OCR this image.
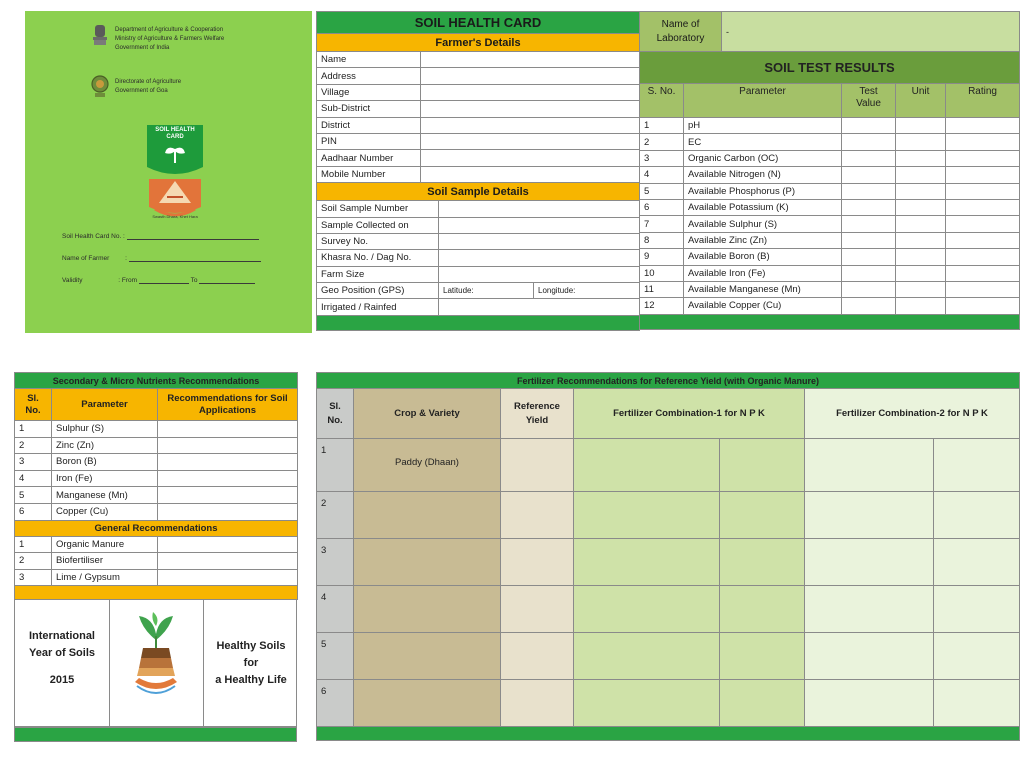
Department of Agriculture & Cooperation
Ministry of Agriculture & Farmers Welfare
Government of India
Directorate of Agriculture
Government of Goa
SOIL HEALTH
CARD
Swasth Dhara, Khet Hara
Soil Health Card No. :
Name of Farmer :
Validity	: From	To
SOIL HEALTH CARD			
Farmer's Details			
Name			
Address			
Village			
Sub-District			
District			
PIN			
Aadhaar Number			
Mobile Number			
Soil Sample Details			
Soil Sample Number			
Sample Collected on			
Survey No.			
Khasra No. / Dag No.			
Farm Size			
Geo Position (GPS)		Latitude:	Longitude:
Irrigated / Rainfed			

Name of Laboratory	-
SOIL TEST RESULTS				
S. No.	Parameter	Test Value	Unit	Rating
1	pH			
2	EC			
3	Organic Carbon (OC)			
4	Available Nitrogen (N)			
5	Available Phosphorus (P)			
6	Available Potassium (K)			
7	Available Sulphur (S)			
8	Available Zinc (Zn)			
9	Available Boron (B)			
10	Available Iron (Fe)			
11	Available Manganese (Mn)			
12	Available Copper (Cu)			

Secondary & Micro Nutrients Recommendations		
Sl. No.	Parameter	Recommendations for Soil Applications
1	Sulphur (S)	
2	Zinc (Zn)	
3	Boron (B)	
4	Iron (Fe)	
5	Manganese (Mn)	
6	Copper (Cu)	
General Recommendations		
1	Organic Manure	
2	Biofertiliser	
3	Lime / Gypsum	

International
Year of Soils
2015
Healthy Soils
for
a Healthy Life
Fertilizer Recommendations for Reference Yield (with Organic Manure)						
Sl. No.	Crop & Variety	Reference Yield	Fertilizer Combination-1 for N P K		Fertilizer Combination-2 for N P K	
1	Paddy (Dhaan)					
2						
3						
4						
5						
6						
